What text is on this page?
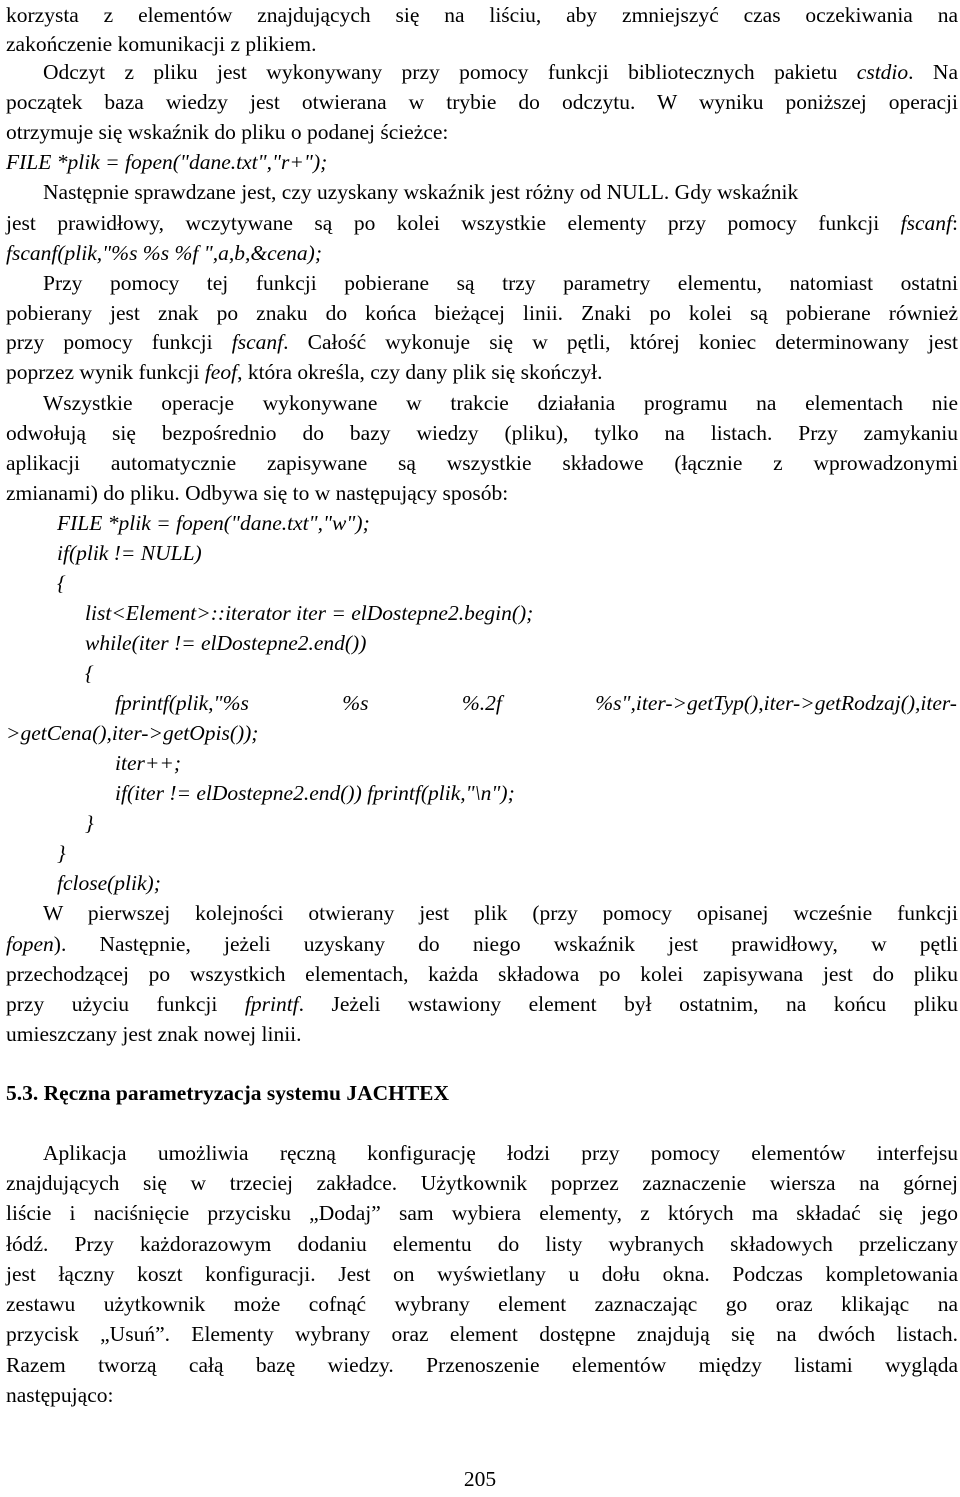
korzysta z elementów znajdujących się na liściu, aby zmniejszyć czas oczekiwania na
zakończenie komunikacji z plikiem.
Odczyt z pliku jest wykonywany przy pomocy funkcji bibliotecznych pakietu cstdio. Na
początek baza wiedzy jest otwierana w trybie do odczytu. W wyniku poniższej operacji
otrzymuje się wskaźnik do pliku o podanej ścieżce:
FILE *plik = fopen("dane.txt","r+");
Następnie sprawdzane jest, czy uzyskany wskaźnik jest różny od NULL. Gdy wskaźnik
jest prawidłowy, wczytywane są po kolei wszystkie elementy przy pomocy funkcji fscanf:
fscanf(plik,"%s %s %f ",a,b,&cena);
Przy pomocy tej funkcji pobierane są trzy parametry elementu, natomiast ostatni
pobierany jest znak po znaku do końca bieżącej linii. Znaki po kolei są pobierane również
przy pomocy funkcji fscanf. Całość wykonuje się w pętli, której koniec determinowany jest
poprzez wynik funkcji feof, która określa, czy dany plik się skończył.
Wszystkie operacje wykonywane w trakcie działania programu na elementach nie
odwołują się bezpośrednio do bazy wiedzy (pliku), tylko na listach. Przy zamykaniu
aplikacji automatycznie zapisywane są wszystkie składowe (łącznie z wprowadzonymi
zmianami) do pliku. Odbywa się to w następujący sposób:
FILE *plik = fopen("dane.txt","w");
if(plik != NULL)
{
list<Element>::iterator iter = elDostepne2.begin();
while(iter != elDostepne2.end())
{
fprintf(plik,"%s	%s	%.2f	%s",iter->getTyp(),iter->getRodzaj(),iter-
>getCena(),iter->getOpis());
iter++;
if(iter != elDostepne2.end()) fprintf(plik,"\n");
}
}
fclose(plik);
W pierwszej kolejności otwierany jest plik (przy pomocy opisanej wcześnie funkcji
fopen). Następnie, jeżeli uzyskany do niego wskaźnik jest prawidłowy, w pętli
przechodzącej po wszystkich elementach, każda składowa po kolei zapisywana jest do pliku
przy użyciu funkcji fprintf. Jeżeli wstawiony element był ostatnim, na końcu pliku
umieszczany jest znak nowej linii.
5.3. Ręczna parametryzacja systemu JACHTEX
Aplikacja umożliwia ręczną konfigurację łodzi przy pomocy elementów interfejsu
znajdujących się w trzeciej zakładce. Użytkownik poprzez zaznaczenie wiersza na górnej
liście i naciśnięcie przycisku „Dodaj” sam wybiera elementy, z których ma składać się jego
łódź. Przy każdorazowym dodaniu elementu do listy wybranych składowych przeliczany
jest łączny koszt konfiguracji. Jest on wyświetlany u dołu okna. Podczas kompletowania
zestawu użytkownik może cofnąć wybrany element zaznaczając go oraz klikając na
przycisk „Usuń”. Elementy wybrany oraz element dostępne znajdują się na dwóch listach.
Razem tworzą całą bazę wiedzy. Przenoszenie elementów między listami wygląda
następująco:
205
